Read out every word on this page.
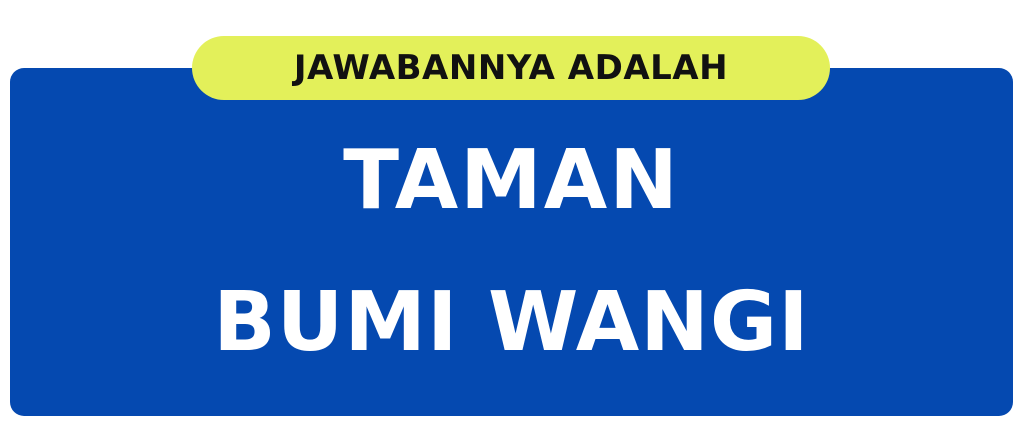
JAWABANNYA ADALAH
TAMAN
BUMI WANGI
